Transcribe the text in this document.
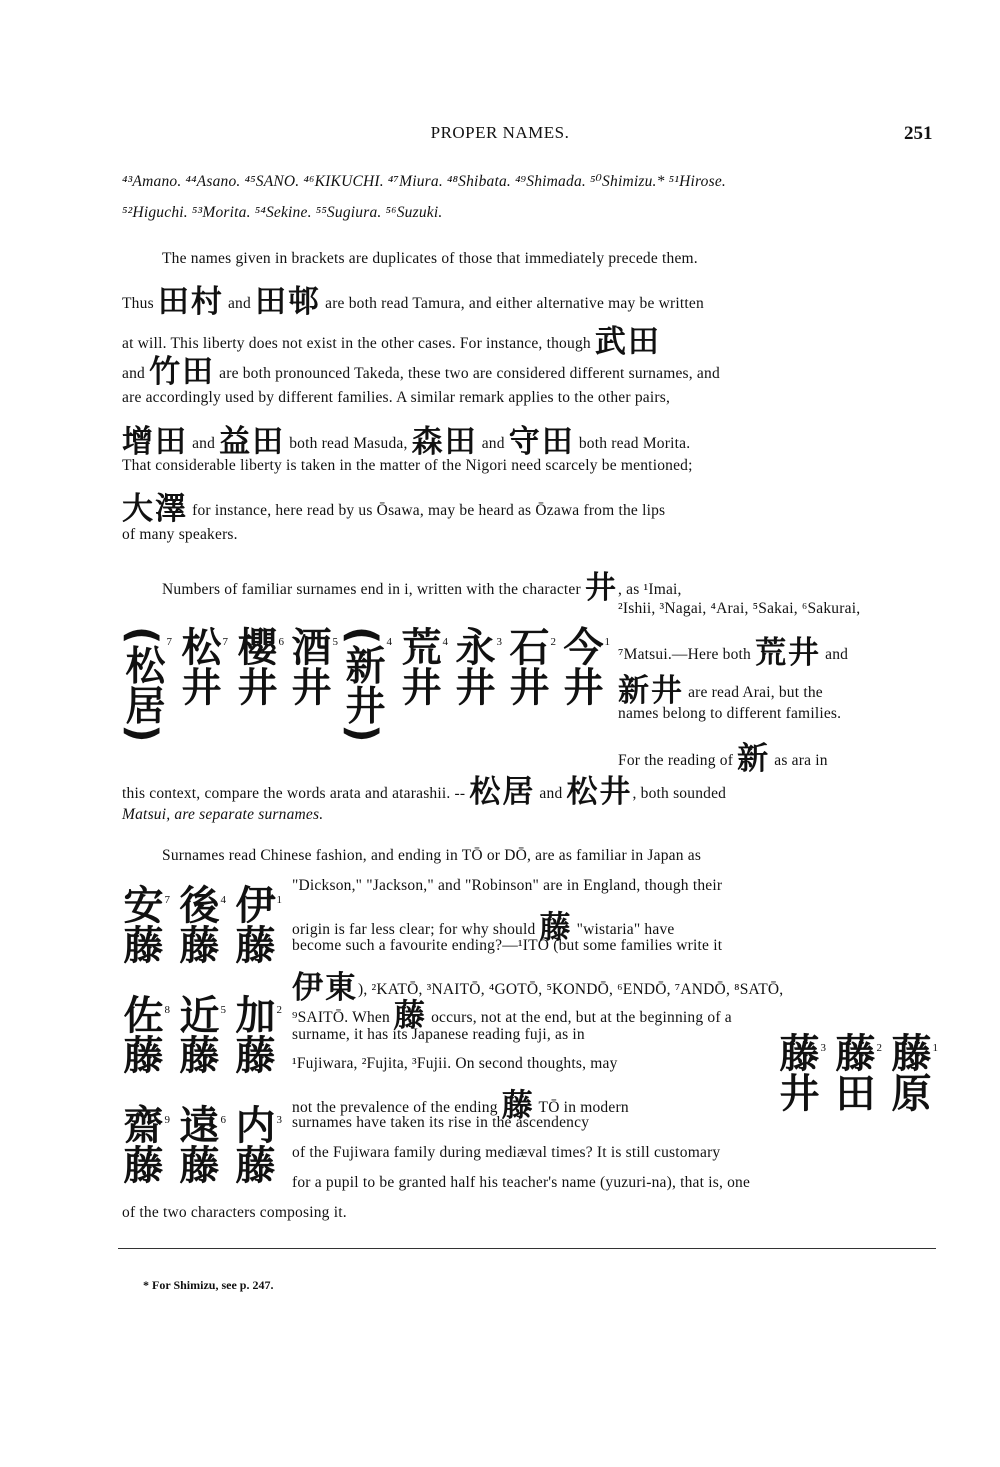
PROPER NAMES.	251
⁴³Amano. ⁴⁴Asano. ⁴⁵SANO. ⁴⁶KIKUCHI. ⁴⁷Miura. ⁴⁸Shibata. ⁴⁹Shimada. ⁵⁰Shimizu.* ⁵¹Hirose.
⁵²Higuchi. ⁵³Morita. ⁵⁴Sekine. ⁵⁵Sugiura. ⁵⁶Suzuki.
The names given in brackets are duplicates of those that immediately precede them.
Thus 田村 and 田邨 are both read Tamura, and either alternative may be written
at will. This liberty does not exist in the other cases. For instance, though 武田
and 竹田 are both pronounced Takeda, these two are considered different surnames, and
are accordingly used by different families. A similar remark applies to the other pairs,
增田 and 益田 both read Masuda, 森田 and 守田 both read Morita.
That considerable liberty is taken in the matter of the Nigori need scarcely be mentioned;
大澤 for instance, here read by us Ōsawa, may be heard as Ōzawa from the lips
of many speakers.
Numbers of familiar surnames end in i, written with the character 井, as ¹Imai,
²Ishii, ³Nagai, ⁴Arai, ⁵Sakai, ⁶Sakurai,
⁷Matsui.—Here both 荒井 and
新井 are read Arai, but the
names belong to different families.
For the reading of 新 as ara in
this context, compare the words arata and atarashii. -- 松居 and 松井, both sounded
Matsui, are separate surnames.
1
今井
2
石井
3
永井
4
荒井
4
(新井)
5
酒井
6
櫻井
7
松井
7
(松居)
Surnames read Chinese fashion, and ending in TŌ or DŌ, are as familiar in Japan as
"Dickson," "Jackson," and "Robinson" are in England, though their
origin is far less clear; for why should 藤 "wistaria" have
become such a favourite ending?—¹ITŌ (but some families write it
伊東), ²KATŌ, ³NAITŌ, ⁴GOTŌ, ⁵KONDŌ, ⁶ENDŌ, ⁷ANDŌ, ⁸SATŌ,
⁹SAITŌ. When 藤 occurs, not at the end, but at the beginning of a
surname, it has its Japanese reading fuji, as in
¹Fujiwara, ²Fujita, ³Fujii. On second thoughts, may
not the prevalence of the ending 藤 TŌ in modern
surnames have taken its rise in the ascendency
of the Fujiwara family during mediæval times? It is still customary
for a pupil to be granted half his teacher's name (yuzuri-na), that is, one
of the two characters composing it.
1
伊藤
4
後藤
7
安藤
2
加藤
5
近藤
8
佐藤
3
内藤
6
遠藤
9
齋藤
1
藤原
2
藤田
3
藤井
* For Shimizu, see p. 247.
